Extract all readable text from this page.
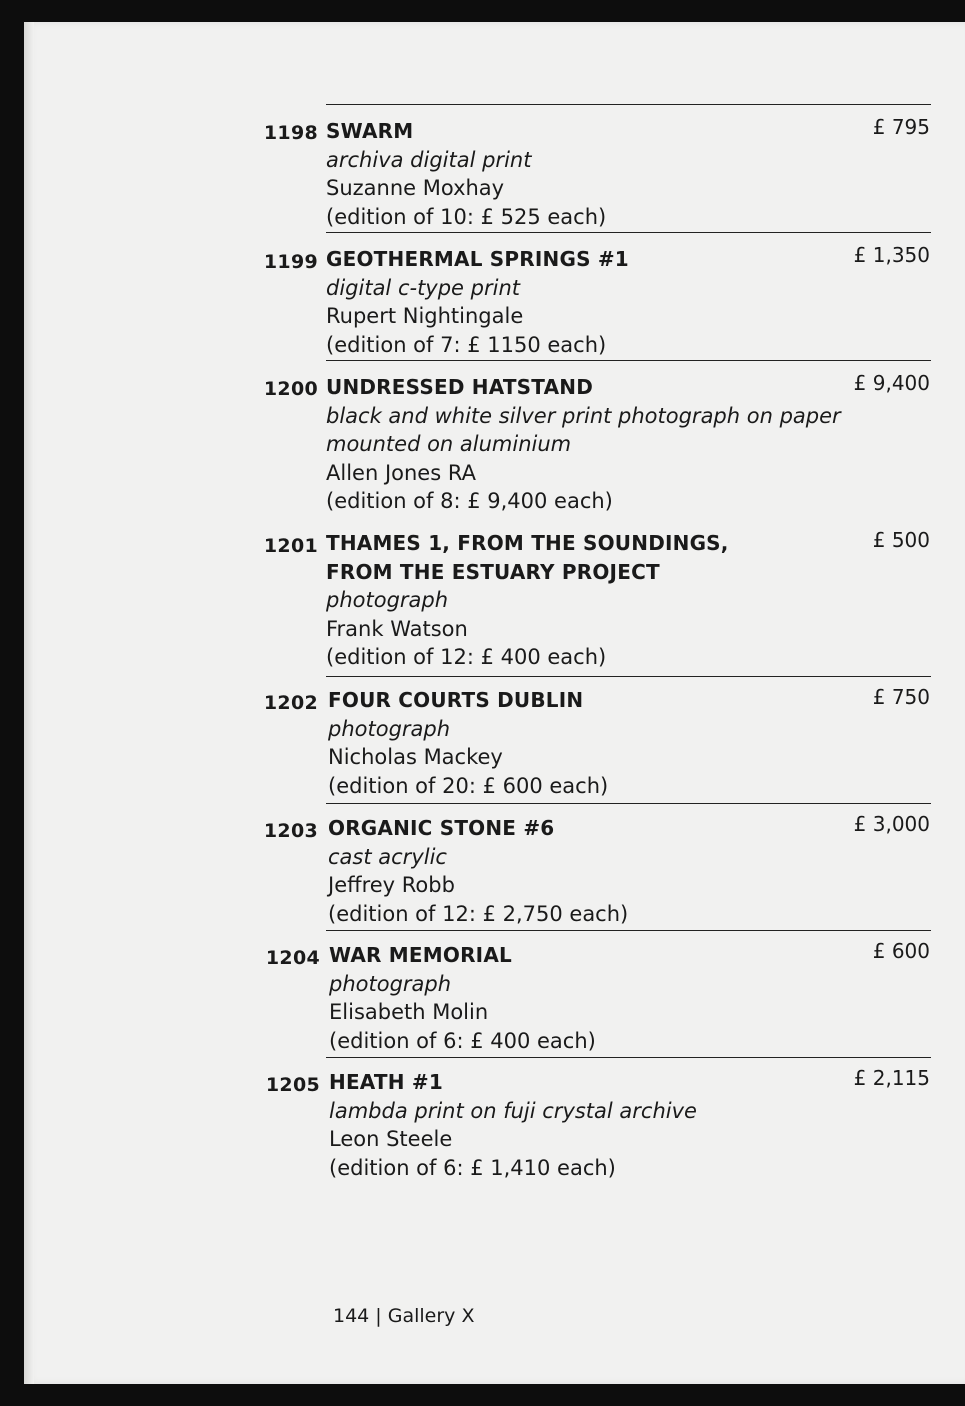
1198 SWARM
archiva digital print
Suzanne Moxhay
(edition of 10: £ 525 each)
£ 795
1199 GEOTHERMAL SPRINGS #1
digital c-type print
Rupert Nightingale
(edition of 7: £ 1150 each)
£ 1,350
1200 UNDRESSED HATSTAND
black and white silver print photograph on paper mounted on aluminium
Allen Jones RA
(edition of 8: £ 9,400 each)
£ 9,400
1201 THAMES 1, FROM THE SOUNDINGS, FROM THE ESTUARY PROJECT
photograph
Frank Watson
(edition of 12: £ 400 each)
£ 500
1202 FOUR COURTS DUBLIN
photograph
Nicholas Mackey
(edition of 20: £ 600 each)
£ 750
1203 ORGANIC STONE #6
cast acrylic
Jeffrey Robb
(edition of 12: £ 2,750 each)
£ 3,000
1204 WAR MEMORIAL
photograph
Elisabeth Molin
(edition of 6: £ 400 each)
£ 600
1205 HEATH #1
lambda print on fuji crystal archive
Leon Steele
(edition of 6: £ 1,410 each)
£ 2,115
144 | Gallery X
